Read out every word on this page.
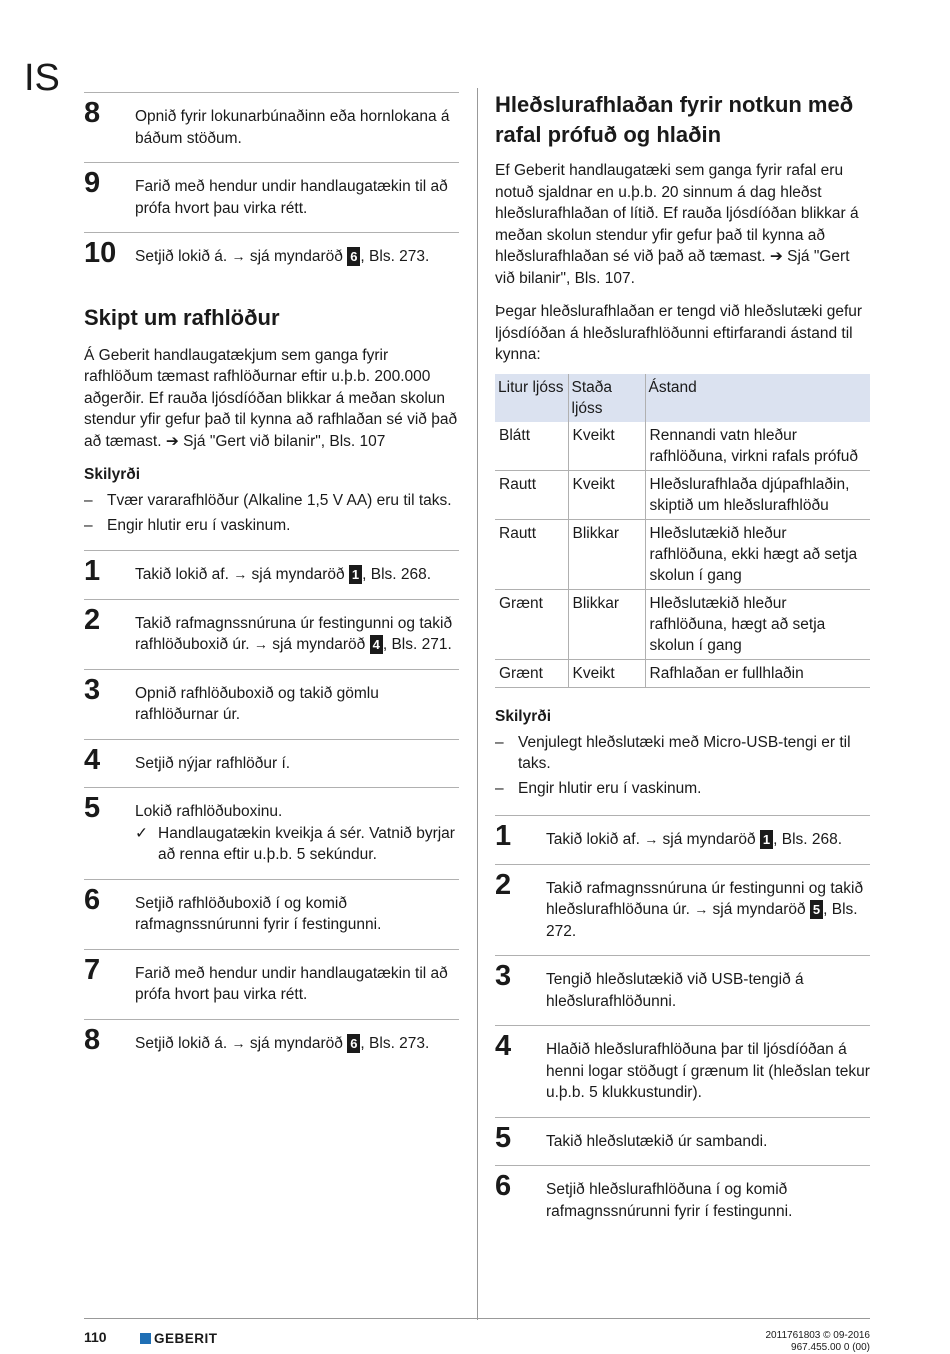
IS
8 Opnið fyrir lokunarbúnaðinn eða hornlokana á báðum stöðum.
9 Farið með hendur undir handlaugatækin til að prófa hvort þau virka rétt.
10 Setjið lokið á. → sjá myndaröð 6 , Bls. 273.
Skipt um rafhlöður

Á Geberit handlaugatækjum sem ganga fyrir rafhlöðum tæmast rafhlöðurnar eftir u.þ.b. 200.000 aðgerðir. Ef rauða ljósdíóðan blikkar á meðan skolun stendur yfir gefur það til kynna að rafhlaðan sé við það að tæmast. ➔ Sjá "Gert við bilanir", Bls. 107

Skilyrði
– Tvær vararafhlöður (Alkaline 1,5 V AA) eru til taks.
– Engir hlutir eru í vaskinum.
1 Takið lokið af. → sjá myndaröð 1 , Bls. 268.
2 Takið rafmagnssnúruna úr festingunni og takið rafhlöðuboxið úr. → sjá myndaröð 4 , Bls. 271.
3 Opnið rafhlöðuboxið og takið gömlu rafhlöðurnar úr.
4 Setjið nýjar rafhlöður í.
5 Lokið rafhlöðuboxinu.
✓ Handlaugatækin kveikja á sér. Vatnið byrjar að renna eftir u.þ.b. 5 sekúndur.
6 Setjið rafhlöðuboxið í og komið rafmagnssnúrunni fyrir í festingunni.
7 Farið með hendur undir handlaugatækin til að prófa hvort þau virka rétt.
8 Setjið lokið á. → sjá myndaröð 6 , Bls. 273.
Hleðslurafhlaðan fyrir notkun með rafal prófuð og hlaðin

Ef Geberit handlaugatæki sem ganga fyrir rafal eru notuð sjaldnar en u.þ.b. 20 sinnum á dag hleðst hleðslurafhlaðan of lítið. Ef rauða ljósdíóðan blikkar á meðan skolun stendur yfir gefur það til kynna að hleðslurafhlaðan sé við það að tæmast. ➔ Sjá "Gert við bilanir", Bls. 107.

Þegar hleðslurafhlaðan er tengd við hleðslutæki gefur ljósdíóðan á hleðslurafhlöðunni eftirfarandi ástand til kynna:

Litur ljóss	Staða ljóss	Ástand
Blátt	Kveikt	Rennandi vatn hleður rafhlöðuna, virkni rafals prófuð
Rautt	Kveikt	Hleðslurafhlaða djúpafhlaðin, skiptið um hleðslurafhlöðu
Rautt	Blikkar	Hleðslutækið hleður rafhlöðuna, ekki hægt að setja skolun í gang
Grænt	Blikkar	Hleðslutækið hleður rafhlöðuna, hægt að setja skolun í gang
Grænt	Kveikt	Rafhlaðan er fullhlaðin
Skilyrði
– Venjulegt hleðslutæki með Micro-USB-tengi er til taks.
– Engir hlutir eru í vaskinum.
1 Takið lokið af. → sjá myndaröð 1 , Bls. 268.
2 Takið rafmagnssnúruna úr festingunni og takið hleðslurafhlöðuna úr. → sjá myndaröð 5 , Bls. 272.
3 Tengið hleðslutækið við USB-tengið á hleðslurafhlöðunni.
4 Hlaðið hleðslurafhlöðuna þar til ljósdíóðan á henni logar stöðugt í grænum lit (hleðslan tekur u.þ.b. 5 klukkustundir).
5 Takið hleðslutækið úr sambandi.
6 Setjið hleðslurafhlöðuna í og komið rafmagnssnúrunni fyrir í festingunni.
110	GEBERIT	2011761803 © 09-2016
967.455.00 0 (00)
